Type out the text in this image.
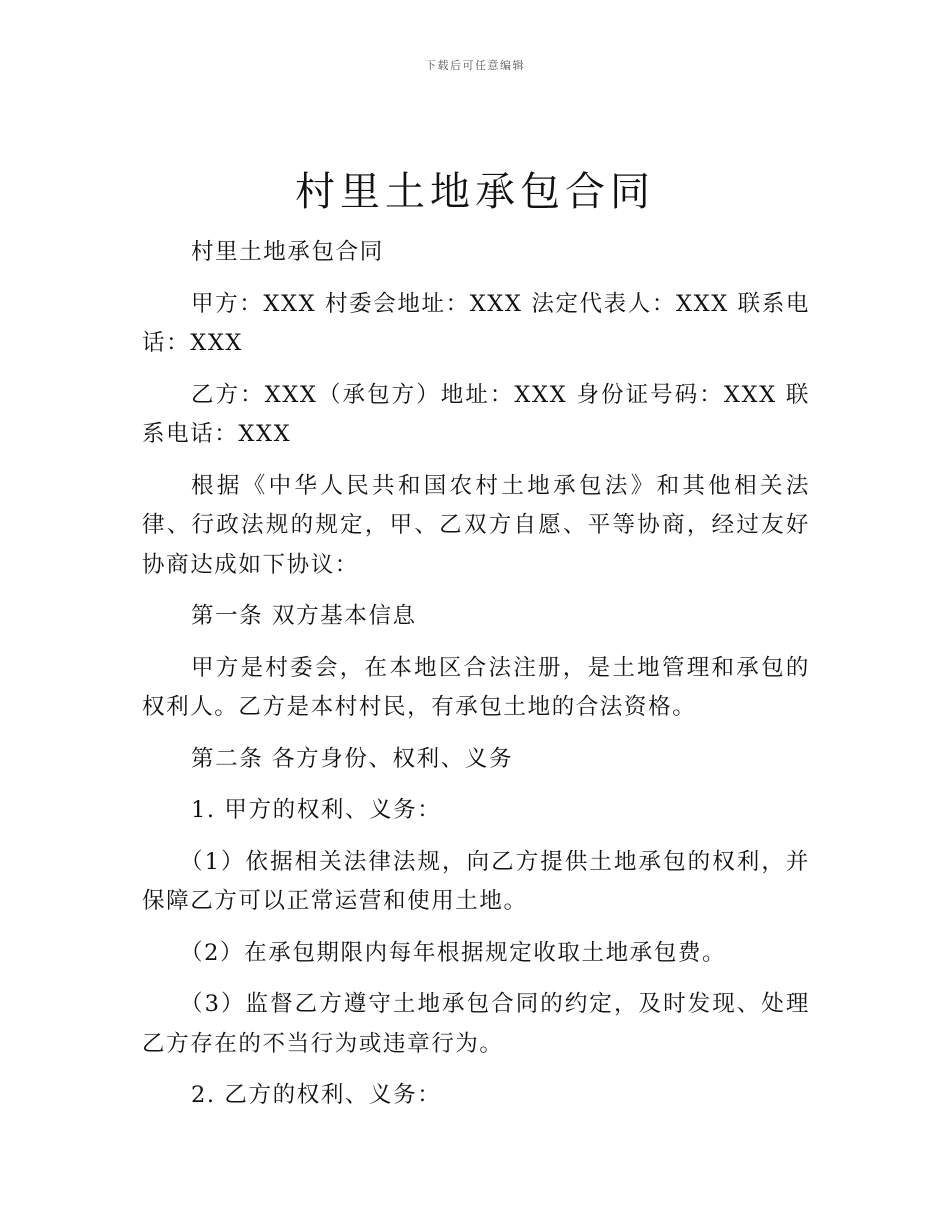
下载后可任意编辑
村里土地承包合同

村里土地承包合同

甲方：XXX 村委会地址：XXX 法定代表人：XXX 联系电话：XXX

乙方：XXX（承包方）地址：XXX 身份证号码：XXX 联系电话：XXX

根据《中华人民共和国农村土地承包法》和其他相关法律、行政法规的规定，甲、乙双方自愿、平等协商，经过友好协商达成如下协议：

第一条 双方基本信息

甲方是村委会，在本地区合法注册，是土地管理和承包的权利人。乙方是本村村民，有承包土地的合法资格。

第二条 各方身份、权利、义务

1. 甲方的权利、义务：

（1）依据相关法律法规，向乙方提供土地承包的权利，并保障乙方可以正常运营和使用土地。

（2）在承包期限内每年根据规定收取土地承包费。

（3）监督乙方遵守土地承包合同的约定，及时发现、处理乙方存在的不当行为或违章行为。

2. 乙方的权利、义务：
